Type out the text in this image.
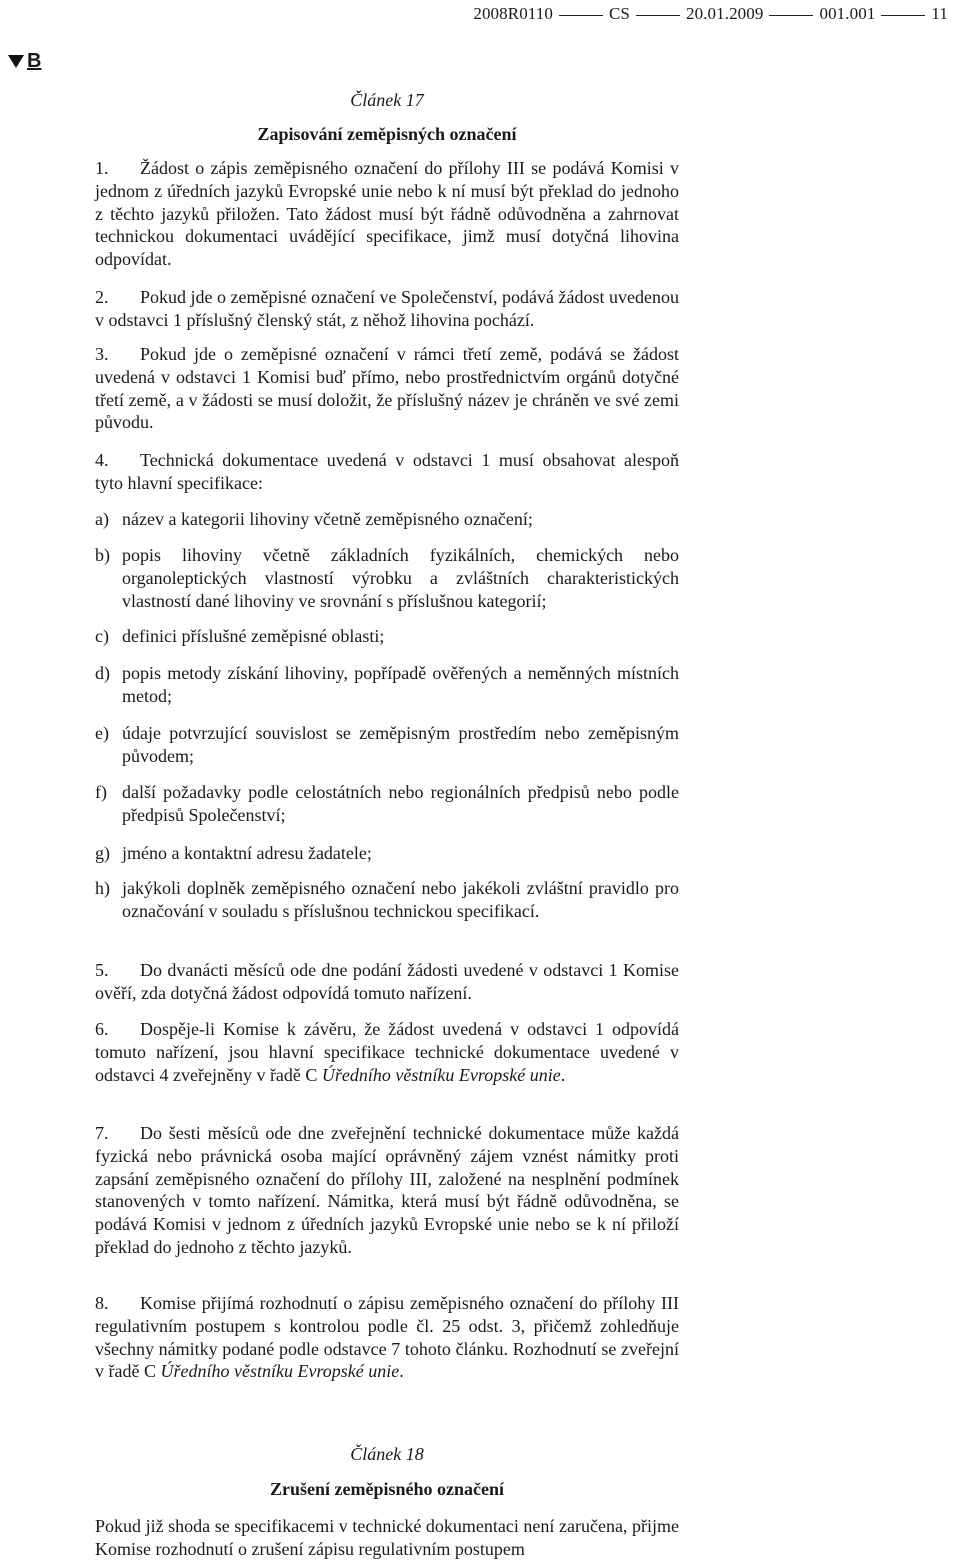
2008R0110	CS	20.01.2009	001.001	11
B
Článek 17
Zapisování zeměpisných označení
1. Žádost o zápis zeměpisného označení do přílohy III se podává Komisi v jednom z úředních jazyků Evropské unie nebo k ní musí být překlad do jednoho z těchto jazyků přiložen. Tato žádost musí být řádně odůvodněna a zahrnovat technickou dokumentaci uvádějící specifikace, jimž musí dotyčná lihovina odpovídat.
2. Pokud jde o zeměpisné označení ve Společenství, podává žádost uvedenou v odstavci 1 příslušný členský stát, z něhož lihovina pochází.
3. Pokud jde o zeměpisné označení v rámci třetí země, podává se žádost uvedená v odstavci 1 Komisi buď přímo, nebo prostřednictvím orgánů dotyčné třetí země, a v žádosti se musí doložit, že příslušný název je chráněn ve své zemi původu.
4. Technická dokumentace uvedená v odstavci 1 musí obsahovat alespoň tyto hlavní specifikace:
a) název a kategorii lihoviny včetně zeměpisného označení;
b) popis lihoviny včetně základních fyzikálních, chemických nebo organoleptických vlastností výrobku a zvláštních charakteristických vlastností dané lihoviny ve srovnání s příslušnou kategorií;
c) definici příslušné zeměpisné oblasti;
d) popis metody získání lihoviny, popřípadě ověřených a neměnných místních metod;
e) údaje potvrzující souvislost se zeměpisným prostředím nebo zeměpisným původem;
f) další požadavky podle celostátních nebo regionálních předpisů nebo podle předpisů Společenství;
g) jméno a kontaktní adresu žadatele;
h) jakýkoli doplněk zeměpisného označení nebo jakékoli zvláštní pravidlo pro označování v souladu s příslušnou technickou specifikací.
5. Do dvanácti měsíců ode dne podání žádosti uvedené v odstavci 1 Komise ověří, zda dotyčná žádost odpovídá tomuto nařízení.
6. Dospěje-li Komise k závěru, že žádost uvedená v odstavci 1 odpovídá tomuto nařízení, jsou hlavní specifikace technické dokumentace uvedené v odstavci 4 zveřejněny v řadě C Úředního věstníku Evropské unie.
7. Do šesti měsíců ode dne zveřejnění technické dokumentace může každá fyzická nebo právnická osoba mající oprávněný zájem vznést námitky proti zapsání zeměpisného označení do přílohy III, založené na nesplnění podmínek stanovených v tomto nařízení. Námitka, která musí být řádně odůvodněna, se podává Komisi v jednom z úředních jazyků Evropské unie nebo se k ní přiloží překlad do jednoho z těchto jazyků.
8. Komise přijímá rozhodnutí o zápisu zeměpisného označení do přílohy III regulativním postupem s kontrolou podle čl. 25 odst. 3, přičemž zohledňuje všechny námitky podané podle odstavce 7 tohoto článku. Rozhodnutí se zveřejní v řadě C Úředního věstníku Evropské unie.
Článek 18
Zrušení zeměpisného označení
Pokud již shoda se specifikacemi v technické dokumentaci není zaručena, přijme Komise rozhodnutí o zrušení zápisu regulativním postupem
